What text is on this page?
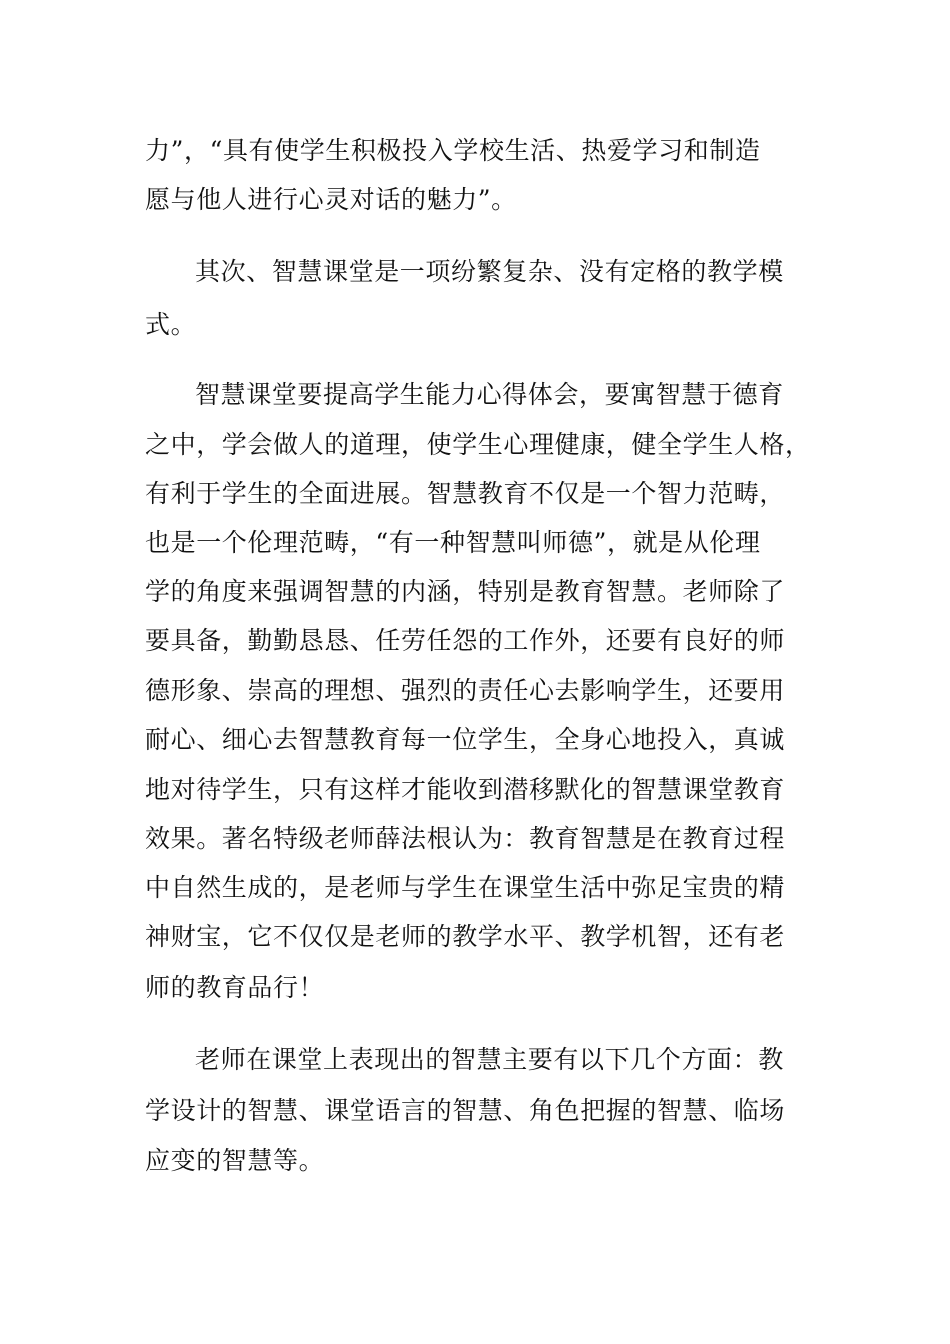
力”，“具有使学生积极投入学校生活、热爱学习和制造
愿与他人进行心灵对话的魅力”。
其次、智慧课堂是一项纷繁复杂、没有定格的教学模
式。
智慧课堂要提高学生能力心得体会，要寓智慧于德育
之中，学会做人的道理，使学生心理健康，健全学生人格，
有利于学生的全面进展。智慧教育不仅是一个智力范畴，
也是一个伦理范畴，“有一种智慧叫师德”，就是从伦理
学的角度来强调智慧的内涵，特别是教育智慧。老师除了
要具备，勤勤恳恳、任劳任怨的工作外，还要有良好的师
德形象、崇高的理想、强烈的责任心去影响学生，还要用
耐心、细心去智慧教育每一位学生，全身心地投入，真诚
地对待学生，只有这样才能收到潜移默化的智慧课堂教育
效果。著名特级老师薛法根认为：教育智慧是在教育过程
中自然生成的，是老师与学生在课堂生活中弥足宝贵的精
神财宝，它不仅仅是老师的教学水平、教学机智，还有老
师的教育品行！
老师在课堂上表现出的智慧主要有以下几个方面：教
学设计的智慧、课堂语言的智慧、角色把握的智慧、临场
应变的智慧等。
